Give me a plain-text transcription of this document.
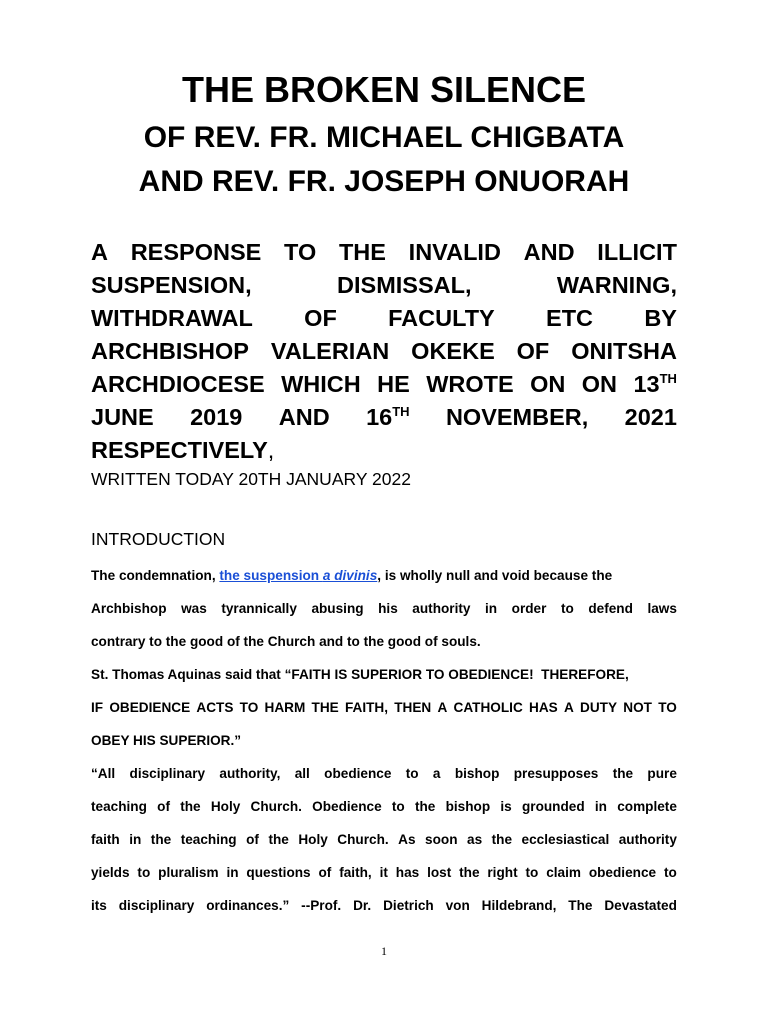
THE BROKEN SILENCE
OF REV. FR. MICHAEL CHIGBATA
AND REV. FR. JOSEPH ONUORAH
A RESPONSE TO THE INVALID AND ILLICIT
SUSPENSION,	DISMISSAL,	WARNING,
WITHDRAWAL OF FACULTY ETC BY
ARCHBISHOP VALERIAN OKEKE OF ONITSHA
ARCHDIOCESE WHICH HE WROTE ON ON 13TH
JUNE 2019 AND 16TH NOVEMBER, 2021
RESPECTIVELY ,
WRITTEN TODAY 20TH JANUARY 2022
INTRODUCTION
The condemnation, the suspension a divinis, is wholly null and void because the
Archbishop was tyrannically abusing his authority in order to defend laws
contrary to the good of the Church and to the good of souls.
St. Thomas Aquinas said that “FAITH IS SUPERIOR TO OBEDIENCE!  THEREFORE,
IF OBEDIENCE ACTS TO HARM THE FAITH, THEN A CATHOLIC HAS A DUTY NOT TO
OBEY HIS SUPERIOR.”
“All disciplinary authority, all obedience to a bishop presupposes the pure
teaching of the Holy Church. Obedience to the bishop is grounded in complete
faith in the teaching of the Holy Church. As soon as the ecclesiastical authority
yields to pluralism in questions of faith, it has lost the right to claim obedience to
its disciplinary ordinances.” --Prof. Dr. Dietrich von Hildebrand, The Devastated
1
